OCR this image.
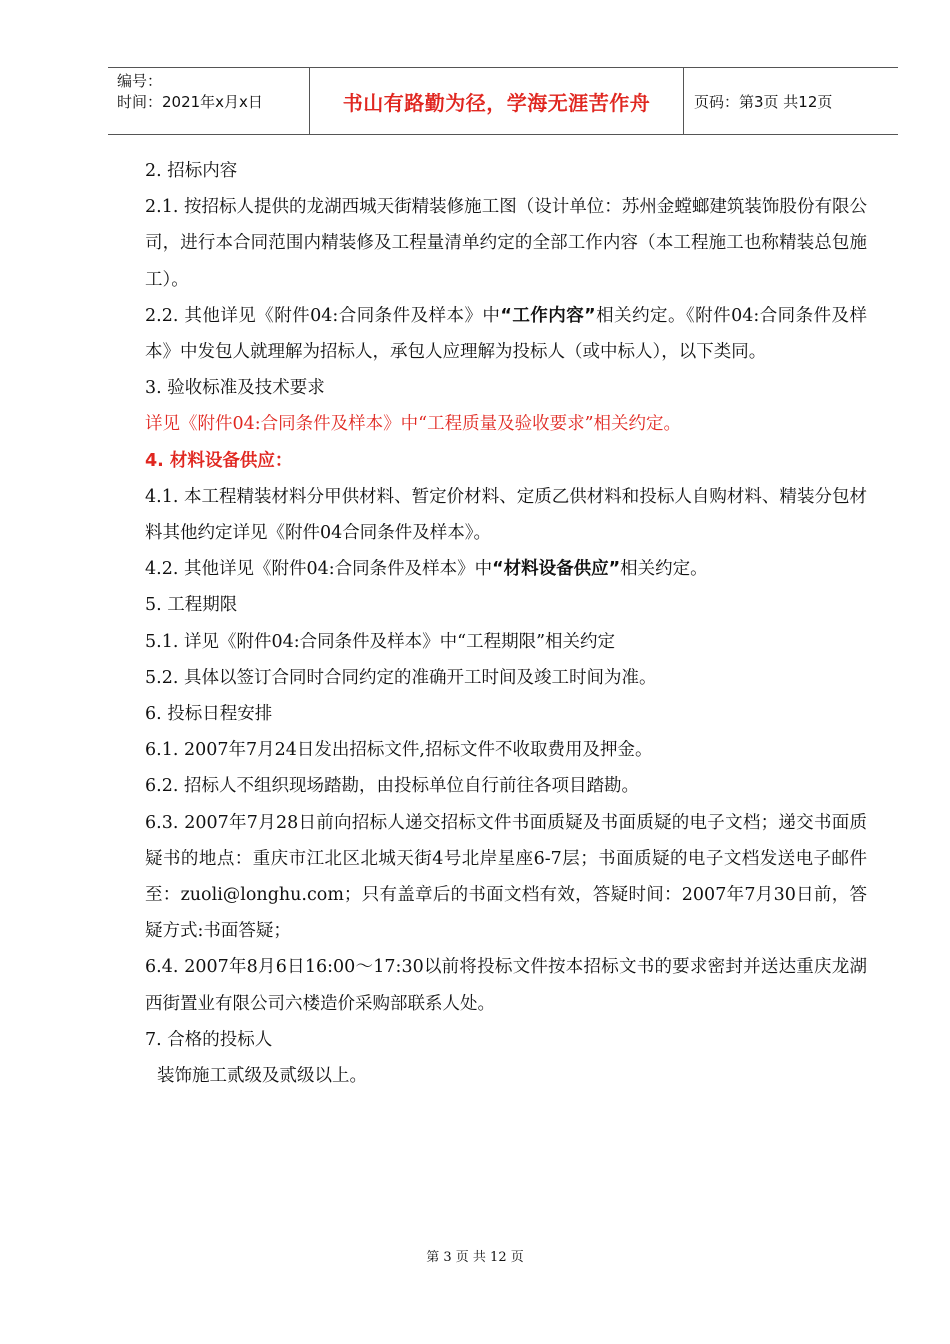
编号：
时间：2021年x月x日	书山有路勤为径，学海无涯苦作舟	页码：第3页 共12页

2. 招标内容

2.1. 按招标人提供的龙湖西城天街精装修施工图（设计单位：苏州金螳螂建筑装饰股份有限公司，进行本合同范围内精装修及工程量清单约定的全部工作内容（本工程施工也称精装总包施工）。

2.2. 其他详见《附件04:合同条件及样本》中“工作内容”相关约定。《附件04:合同条件及样本》中发包人就理解为招标人，承包人应理解为投标人（或中标人），以下类同。

3. 验收标准及技术要求

详见《附件04:合同条件及样本》中“工程质量及验收要求”相关约定。

4. 材料设备供应：

4.1. 本工程精装材料分甲供材料、暂定价材料、定质乙供材料和投标人自购材料、精装分包材料其他约定详见《附件04合同条件及样本》。

4.2. 其他详见《附件04:合同条件及样本》中“材料设备供应”相关约定。

5. 工程期限

5.1. 详见《附件04:合同条件及样本》中“工程期限”相关约定

5.2. 具体以签订合同时合同约定的准确开工时间及竣工时间为准。

6. 投标日程安排

6.1. 2007年7月24日发出招标文件,招标文件不收取费用及押金。

6.2. 招标人不组织现场踏勘，由投标单位自行前往各项目踏勘。

6.3. 2007年7月28日前向招标人递交招标文件书面质疑及书面质疑的电子文档；递交书面质疑书的地点：重庆市江北区北城天街4号北岸星座6-7层；书面质疑的电子文档发送电子邮件至：zuoli@longhu.com；只有盖章后的书面文档有效，答疑时间：2007年7月30日前，答疑方式:书面答疑；

6.4. 2007年8月6日16:00～17:30以前将投标文件按本招标文书的要求密封并送达重庆龙湖西街置业有限公司六楼造价采购部联系人处。

7. 合格的投标人

装饰施工贰级及贰级以上。

第 3 页 共 12 页
